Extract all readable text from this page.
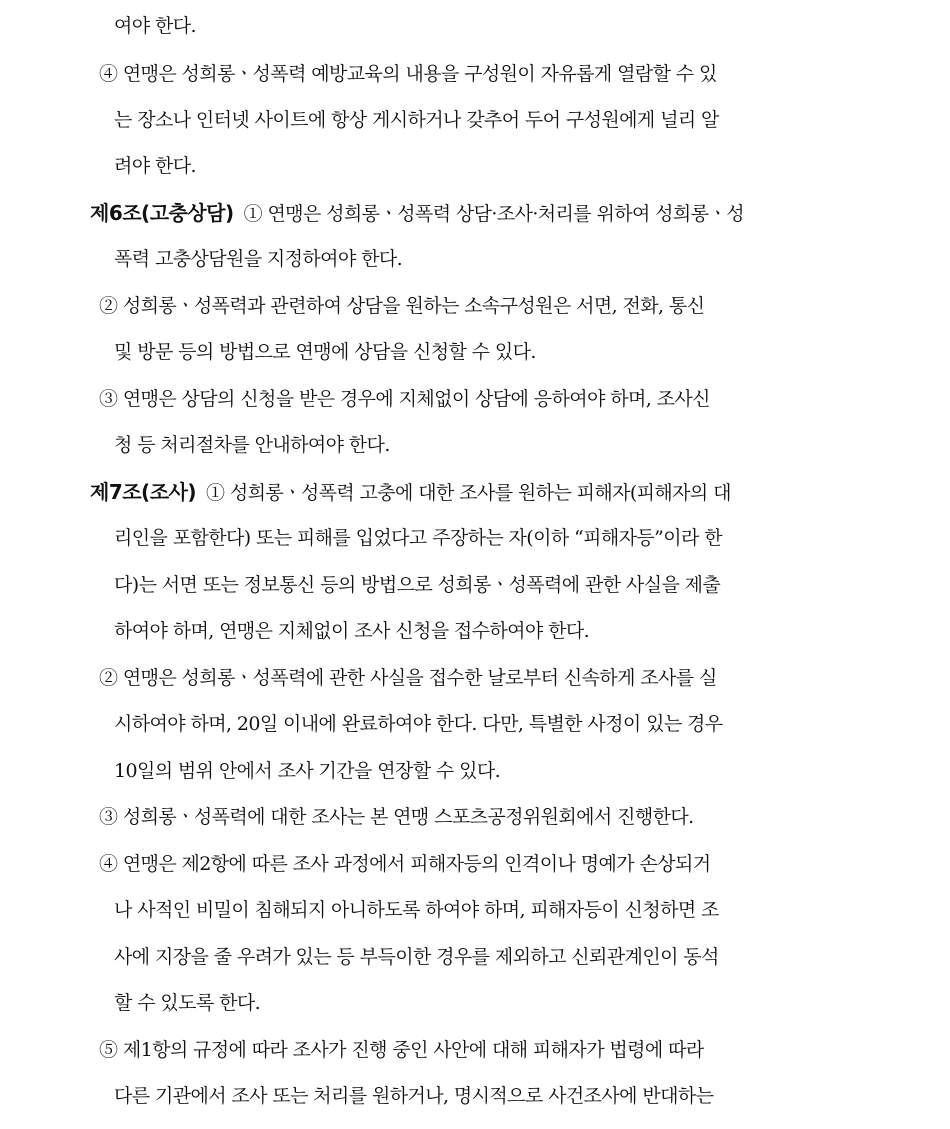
여야 한다.
④ 연맹은 성희롱ㆍ성폭력 예방교육의 내용을 구성원이 자유롭게 열람할 수 있
는 장소나 인터넷 사이트에 항상 게시하거나 갖추어 두어 구성원에게 널리 알
려야 한다.
제6조(고충상담) ① 연맹은 성희롱ㆍ성폭력 상담·조사·처리를 위하여 성희롱ㆍ성
폭력 고충상담원을 지정하여야 한다.
② 성희롱ㆍ성폭력과 관련하여 상담을 원하는 소속구성원은 서면, 전화, 통신
및 방문 등의 방법으로 연맹에 상담을 신청할 수 있다.
③ 연맹은 상담의 신청을 받은 경우에 지체없이 상담에 응하여야 하며, 조사신
청 등 처리절차를 안내하여야 한다.
제7조(조사) ① 성희롱ㆍ성폭력 고충에 대한 조사를 원하는 피해자(피해자의 대
리인을 포함한다) 또는 피해를 입었다고 주장하는 자(이하 “피해자등”이라 한
다)는 서면 또는 정보통신 등의 방법으로 성희롱ㆍ성폭력에 관한 사실을 제출
하여야 하며, 연맹은 지체없이 조사 신청을 접수하여야 한다.
② 연맹은 성희롱ㆍ성폭력에 관한 사실을 접수한 날로부터 신속하게 조사를 실
시하여야 하며, 20일 이내에 완료하여야 한다. 다만, 특별한 사정이 있는 경우
10일의 범위 안에서 조사 기간을 연장할 수 있다.
③ 성희롱ㆍ성폭력에 대한 조사는 본 연맹 스포츠공정위원회에서 진행한다.
④ 연맹은 제2항에 따른 조사 과정에서 피해자등의 인격이나 명예가 손상되거
나 사적인 비밀이 침해되지 아니하도록 하여야 하며, 피해자등이 신청하면 조
사에 지장을 줄 우려가 있는 등 부득이한 경우를 제외하고 신뢰관계인이 동석
할 수 있도록 한다.
⑤ 제1항의 규정에 따라 조사가 진행 중인 사안에 대해 피해자가 법령에 따라
다른 기관에서 조사 또는 처리를 원하거나, 명시적으로 사건조사에 반대하는
